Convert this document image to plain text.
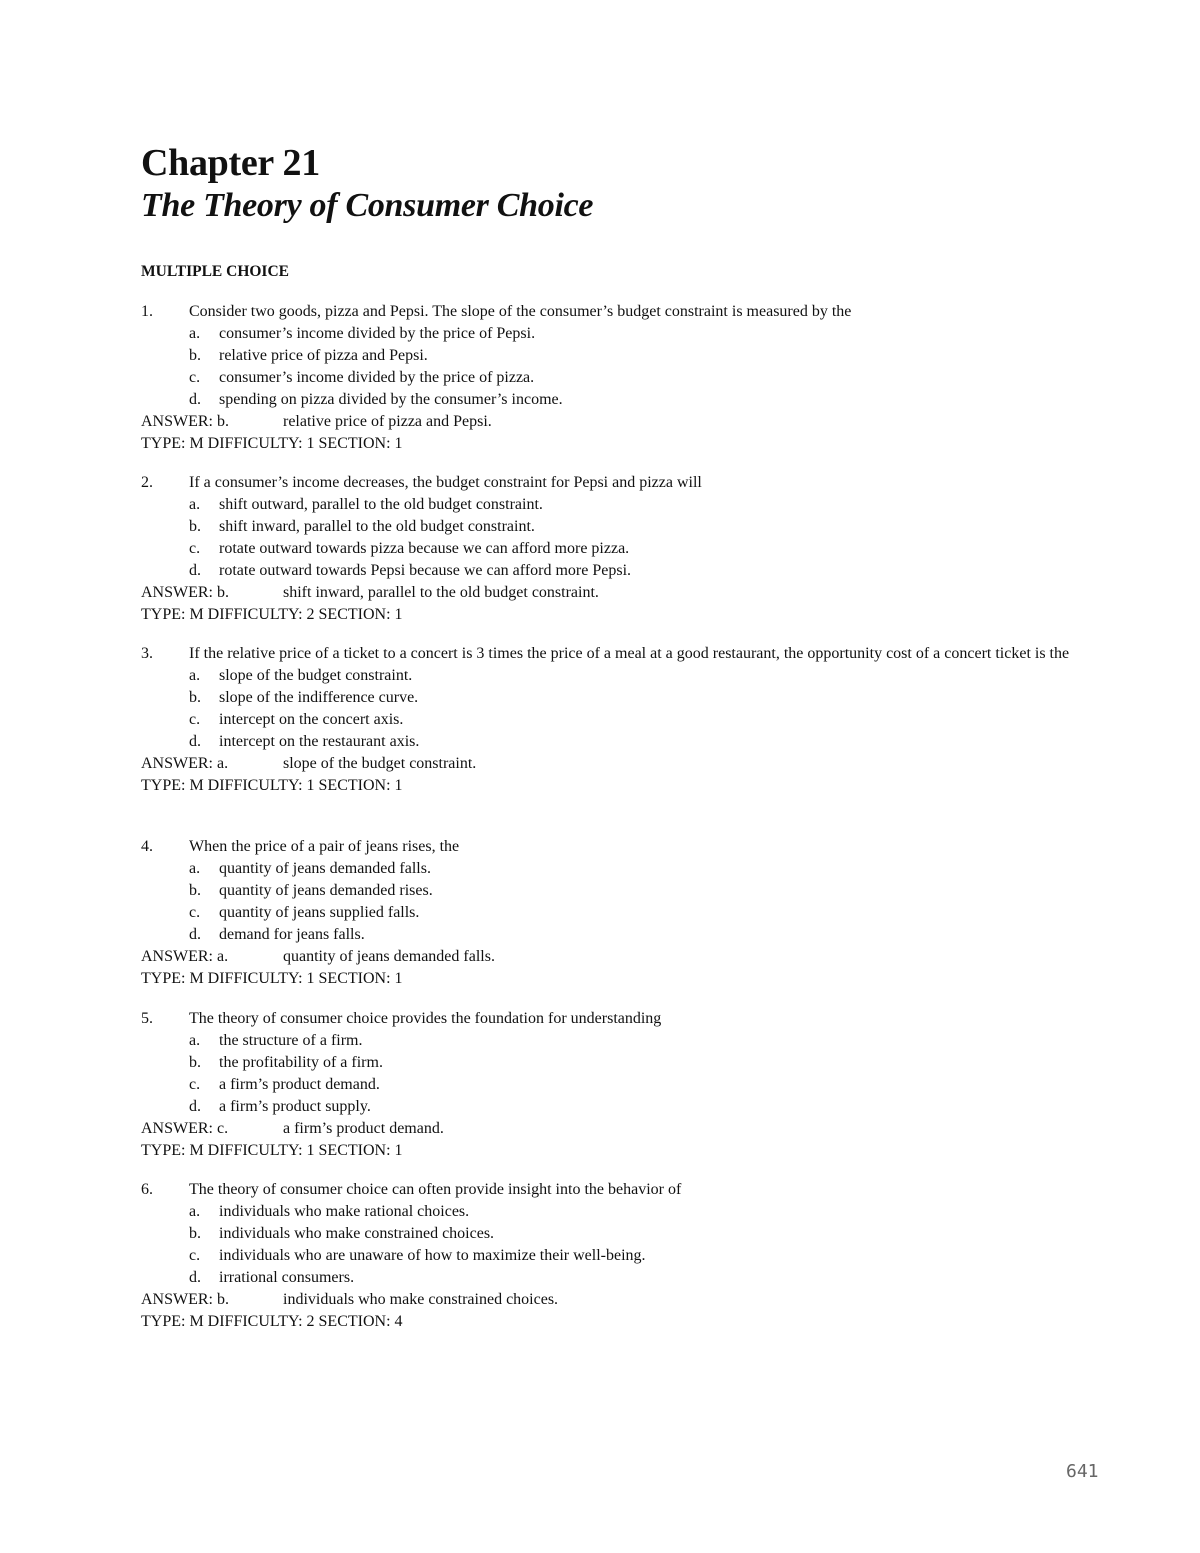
Chapter 21
The Theory of Consumer Choice
MULTIPLE CHOICE
1.	Consider two goods, pizza and Pepsi. The slope of the consumer’s budget constraint is measured by the
a.	consumer’s income divided by the price of Pepsi.
b.	relative price of pizza and Pepsi.
c.	consumer’s income divided by the price of pizza.
d.	spending on pizza divided by the consumer’s income.
ANSWER: b.	relative price of pizza and Pepsi.
TYPE: M DIFFICULTY: 1 SECTION: 1
2.	If a consumer’s income decreases, the budget constraint for Pepsi and pizza will
a.	shift outward, parallel to the old budget constraint.
b.	shift inward, parallel to the old budget constraint.
c.	rotate outward towards pizza because we can afford more pizza.
d.	rotate outward towards Pepsi because we can afford more Pepsi.
ANSWER: b.	shift inward, parallel to the old budget constraint.
TYPE: M DIFFICULTY: 2 SECTION: 1
3.	If the relative price of a ticket to a concert is 3 times the price of a meal at a good restaurant, the opportunity cost of a concert ticket is the
a.	slope of the budget constraint.
b.	slope of the indifference curve.
c.	intercept on the concert axis.
d.	intercept on the restaurant axis.
ANSWER: a.	slope of the budget constraint.
TYPE: M DIFFICULTY: 1 SECTION: 1
4.	When the price of a pair of jeans rises, the
a.	quantity of jeans demanded falls.
b.	quantity of jeans demanded rises.
c.	quantity of jeans supplied falls.
d.	demand for jeans falls.
ANSWER: a.	quantity of jeans demanded falls.
TYPE: M DIFFICULTY: 1 SECTION: 1
5.	The theory of consumer choice provides the foundation for understanding
a.	the structure of a firm.
b.	the profitability of a firm.
c.	a firm’s product demand.
d.	a firm’s product supply.
ANSWER: c.	a firm’s product demand.
TYPE: M DIFFICULTY: 1 SECTION: 1
6.	The theory of consumer choice can often provide insight into the behavior of
a.	individuals who make rational choices.
b.	individuals who make constrained choices.
c.	individuals who are unaware of how to maximize their well-being.
d.	irrational consumers.
ANSWER: b.	individuals who make constrained choices.
TYPE: M DIFFICULTY: 2 SECTION: 4
641
